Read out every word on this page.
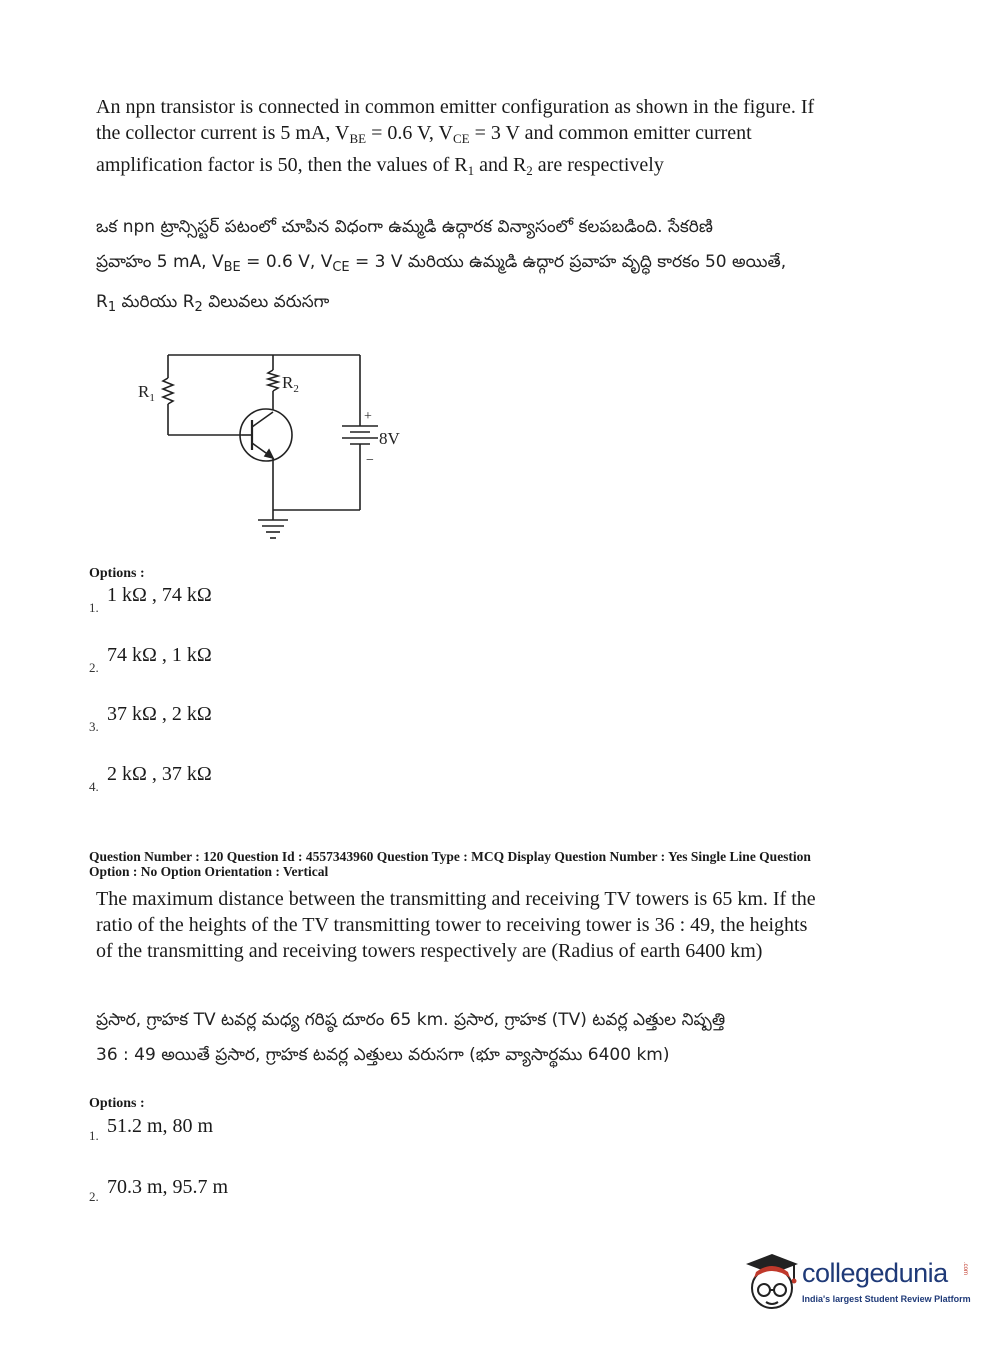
An npn transistor is connected in common emitter configuration as shown in the figure. If
the collector current is 5 mA, $V_{BE} = 0.6$ V, $V_{CE} = 3$ V and common emitter current
amplification factor is 50, then the values of $R_1$ and $R_2$ are respectively
ఒక npn ట్రాన్సిస్టర్ పటంలో చూపిన విధంగా ఉమ్మడి ఉద్గారక విన్యాసంలో కలపబడింది. సేకరిణి
ప్రవాహం 5 mA, $V_{BE} = 0.6$ V, $V_{CE} = 3$ V మరియు ఉమ్మడి ఉద్గార ప్రవాహ వృద్ధి కారకం 50 అయితే,
$R_1$ మరియు $R_2$ విలువలు వరుసగా
$R_1$
$R_2$
+
−
8V
Options :
1.
1 kΩ , 74 kΩ
2.
74 kΩ , 1 kΩ
3.
37 kΩ , 2 kΩ
4.
2 kΩ , 37 kΩ
Question Number : 120 Question Id : 4557343960 Question Type : MCQ Display Question Number : Yes Single Line Question
Option : No Option Orientation : Vertical
The maximum distance between the transmitting and receiving TV towers is 65 km. If the
ratio of the heights of the TV transmitting tower to receiving tower is 36 : 49, the heights
of the transmitting and receiving towers respectively are (Radius of earth 6400 km)
ప్రసార, గ్రాహక TV టవర్ల మధ్య గరిష్ఠ దూరం 65 km. ప్రసార, గ్రాహక (TV) టవర్ల ఎత్తుల నిష్పత్తి
36 : 49 అయితే ప్రసార, గ్రాహక టవర్ల ఎత్తులు వరుసగా (భూ వ్యాసార్థము 6400 km)
Options :
1. 51.2 m, 80 m
2. 70.3 m, 95.7 m
collegedunia .com
India's largest Student Review Platform
